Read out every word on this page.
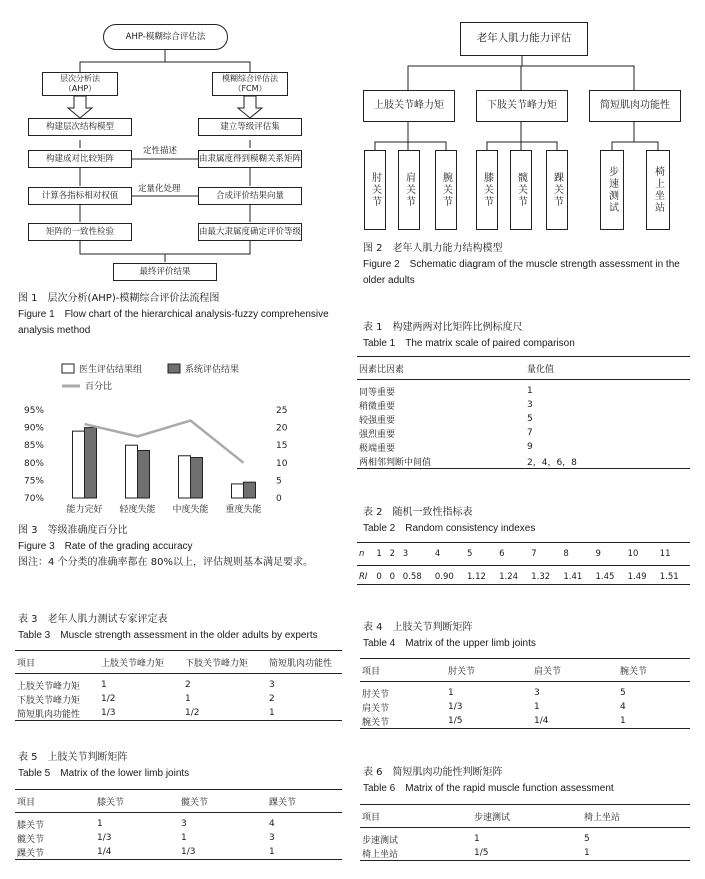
AHP-模糊综合评估法
层次分析法
（AHP）
模糊综合评估法
（FCM）
构建层次结构模型
构建成对比较矩阵
计算各指标相对权值
矩阵的一致性检验
建立等级评估集
由隶属度得到模糊关系矩阵
合成评价结果向量
由最大隶属度确定评价等级
定性描述
定量化处理
最终评价结果
图 1　层次分析(AHP)-模糊综合评价法流程图
Figure 1　Flow chart of the hierarchical analysis-fuzzy comprehensive analysis method
老年人肌力能力评估
上肢关节峰力矩	下肢关节峰力矩	简短肌肉功能性
肘关节	肩关节	腕关节	膝关节	髋关节	踝关节	步速测试	椅上坐站
图 2　老年人肌力能力结构模型
Figure 2　Schematic diagram of the muscle strength assessment in the older adults
医生评估结果组	系统评估结果
百分比
70%
75%
80%
85%
90%
95%
0
5
10
15
20
25
能力完好 轻度失能 中度失能 重度失能
图 3　等级准确度百分比
Figure 3　Rate of the grading accuracy
图注：4 个分类的准确率都在 80%以上，评估规则基本满足要求。
表 1　构建两两对比矩阵比例标度尺
Table 1　The matrix scale of paired comparison
因素比因素	量化值
同等重要	1
稍微重要	3
较强重要	5
强烈重要	7
极端重要	9
两相邻判断中间值	2，4，6，8
表 2　随机一致性指标表
Table 2　Random consistency indexes
n	1	2	3	4	5	6	7	8	9	10	11
RI	0	0	0.58	0.90	1.12	1.24	1.32	1.41	1.45	1.49	1.51
表 3　老年人肌力测试专家评定表
Table 3　Muscle strength assessment in the older adults by experts
项目	上肢关节峰力矩	下肢关节峰力矩	简短肌肉功能性
上肢关节峰力矩	1	2	3
下肢关节峰力矩	1/2	1	2
简短肌肉功能性	1/3	1/2	1
表 4　上肢关节判断矩阵
Table 4　Matrix of the upper limb joints
项目	肘关节	肩关节	腕关节
肘关节	1	3	5
肩关节	1/3	1	4
腕关节	1/5	1/4	1
表 5　上肢关节判断矩阵
Table 5　Matrix of the lower limb joints
项目	膝关节	髋关节	踝关节
膝关节	1	3	4
髋关节	1/3	1	3
踝关节	1/4	1/3	1
表 6　简短肌肉功能性判断矩阵
Table 6　Matrix of the rapid muscle function assessment
项目	步速测试	椅上坐站
步速测试	1	5
椅上坐站	1/5	1
